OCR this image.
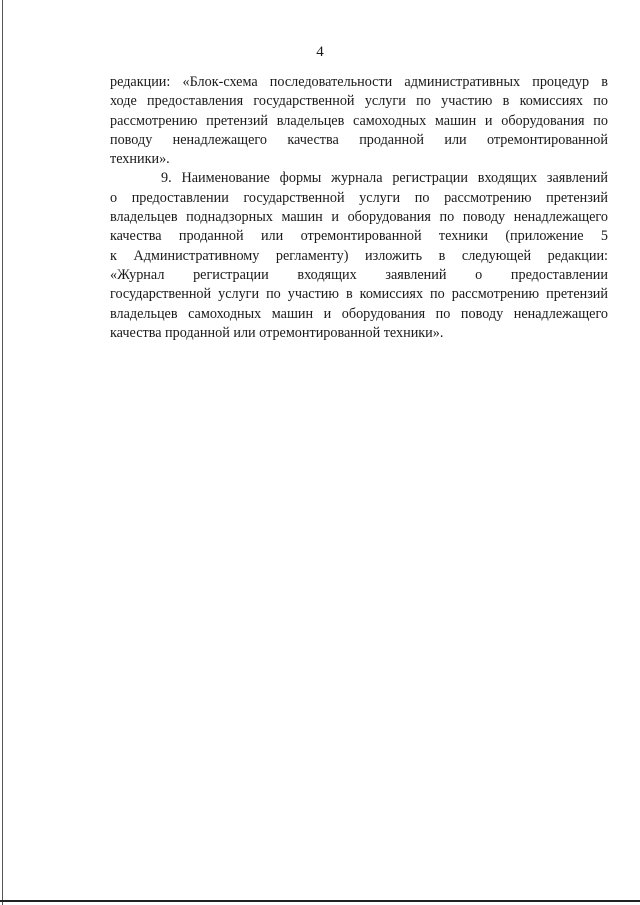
4
редакции: «Блок-схема последовательности административных процедур в
ходе предоставления государственной услуги по участию в комиссиях по
рассмотрению претензий владельцев самоходных машин и оборудования по
поводу ненадлежащего качества проданной или отремонтированной
техники».
9. Наименование формы журнала регистрации входящих заявлений
о предоставлении государственной услуги по рассмотрению претензий
владельцев поднадзорных машин и оборудования по поводу ненадлежащего
качества проданной или отремонтированной техники (приложение 5
к Административному регламенту) изложить в следующей редакции:
«Журнал регистрации входящих заявлений о предоставлении
государственной услуги по участию в комиссиях по рассмотрению претензий
владельцев самоходных машин и оборудования по поводу ненадлежащего
качества проданной или отремонтированной техники».
